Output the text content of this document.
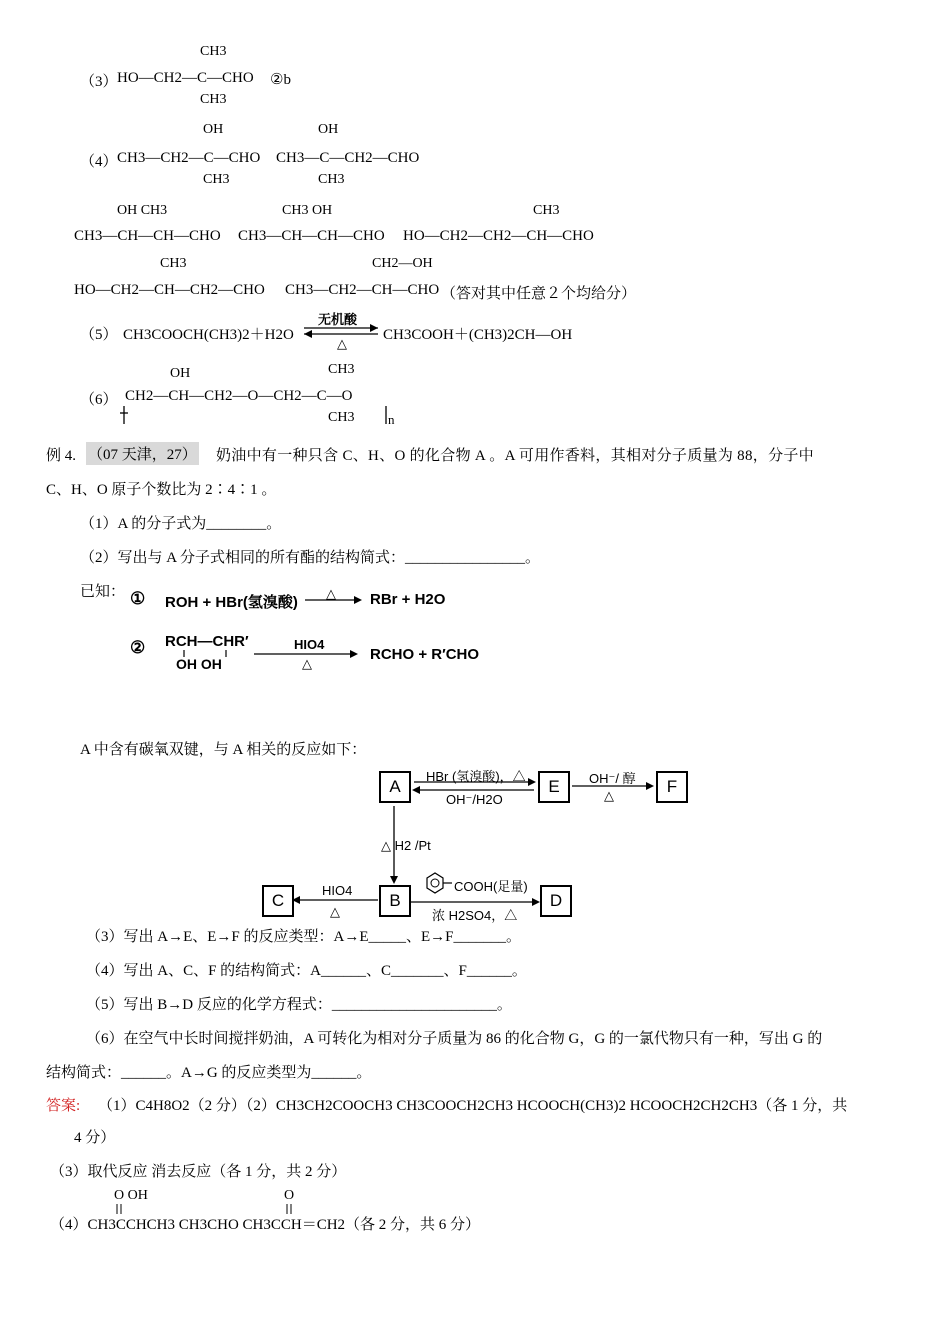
CH3
（3） HO—CH2—C—CHO ②b
CH3
OH	OH
（4） CH3—CH2—C—CHO CH3—C—CH2—CHO
CH3	CH3
OH CH3	CH3 OH	CH3
CH3—CH—CH—CHO CH3—CH—CH—CHO HO—CH2—CH2—CH—CHO
CH3	CH2—OH
HO—CH2—CH—CH2—CHO CH3—CH2—CH—CHO （答对其中任意２个均给分）
（5） CH3COOCH(CH3)2＋H2O
无机酸
△
CH3COOH＋(CH3)2CH—OH
OH	CH3
（6） CH2—CH—CH2—O—CH2—C—O
CH3	n
例 4. （07 天津，27） 奶油中有一种只含 C、H、O 的化合物 A 。A 可用作香料，其相对分子质量为 88，分子中
C、H、O 原子个数比为 2∶4∶1 。
（1）A 的分子式为________。
（2）写出与 A 分子式相同的所有酯的结构简式：________________。
已知： ① ROH + HBr(氢溴酸)
△ RBr + H2O
② RCH—CHR′
OH OH
HIO4
△
RCHO + R′CHO
A 中含有碳氧双键，与 A 相关的反应如下：
A	E	F
B
C	D
HBr (氢溴酸)，△
OH⁻/H2O
OH⁻/ 醇
△
△ H2 /Pt
HIO4
△
COOH(足量)
浓 H2SO4，△
（3）写出 A→E、E→F 的反应类型：A→E_____、E→F_______。
（4）写出 A、C、F 的结构简式：A______、C_______、F______。
（5）写出 B→D 反应的化学方程式：______________________。
（6）在空气中长时间搅拌奶油，A 可转化为相对分子质量为 86 的化合物 G，G 的一氯代物只有一种，写出 G 的
结构简式：______。A→G 的反应类型为______。
答案: （1）C4H8O2（2 分）（2）CH3CH2COOCH3 CH3COOCH2CH3 HCOOCH(CH3)2 HCOOCH2CH2CH3（各 1 分，共
4 分）
（3）取代反应 消去反应（各 1 分，共 2 分）
O OH	O
（4）CH3CCHCH3 CH3CHO CH3CCH＝CH2（各 2 分，共 6 分）
